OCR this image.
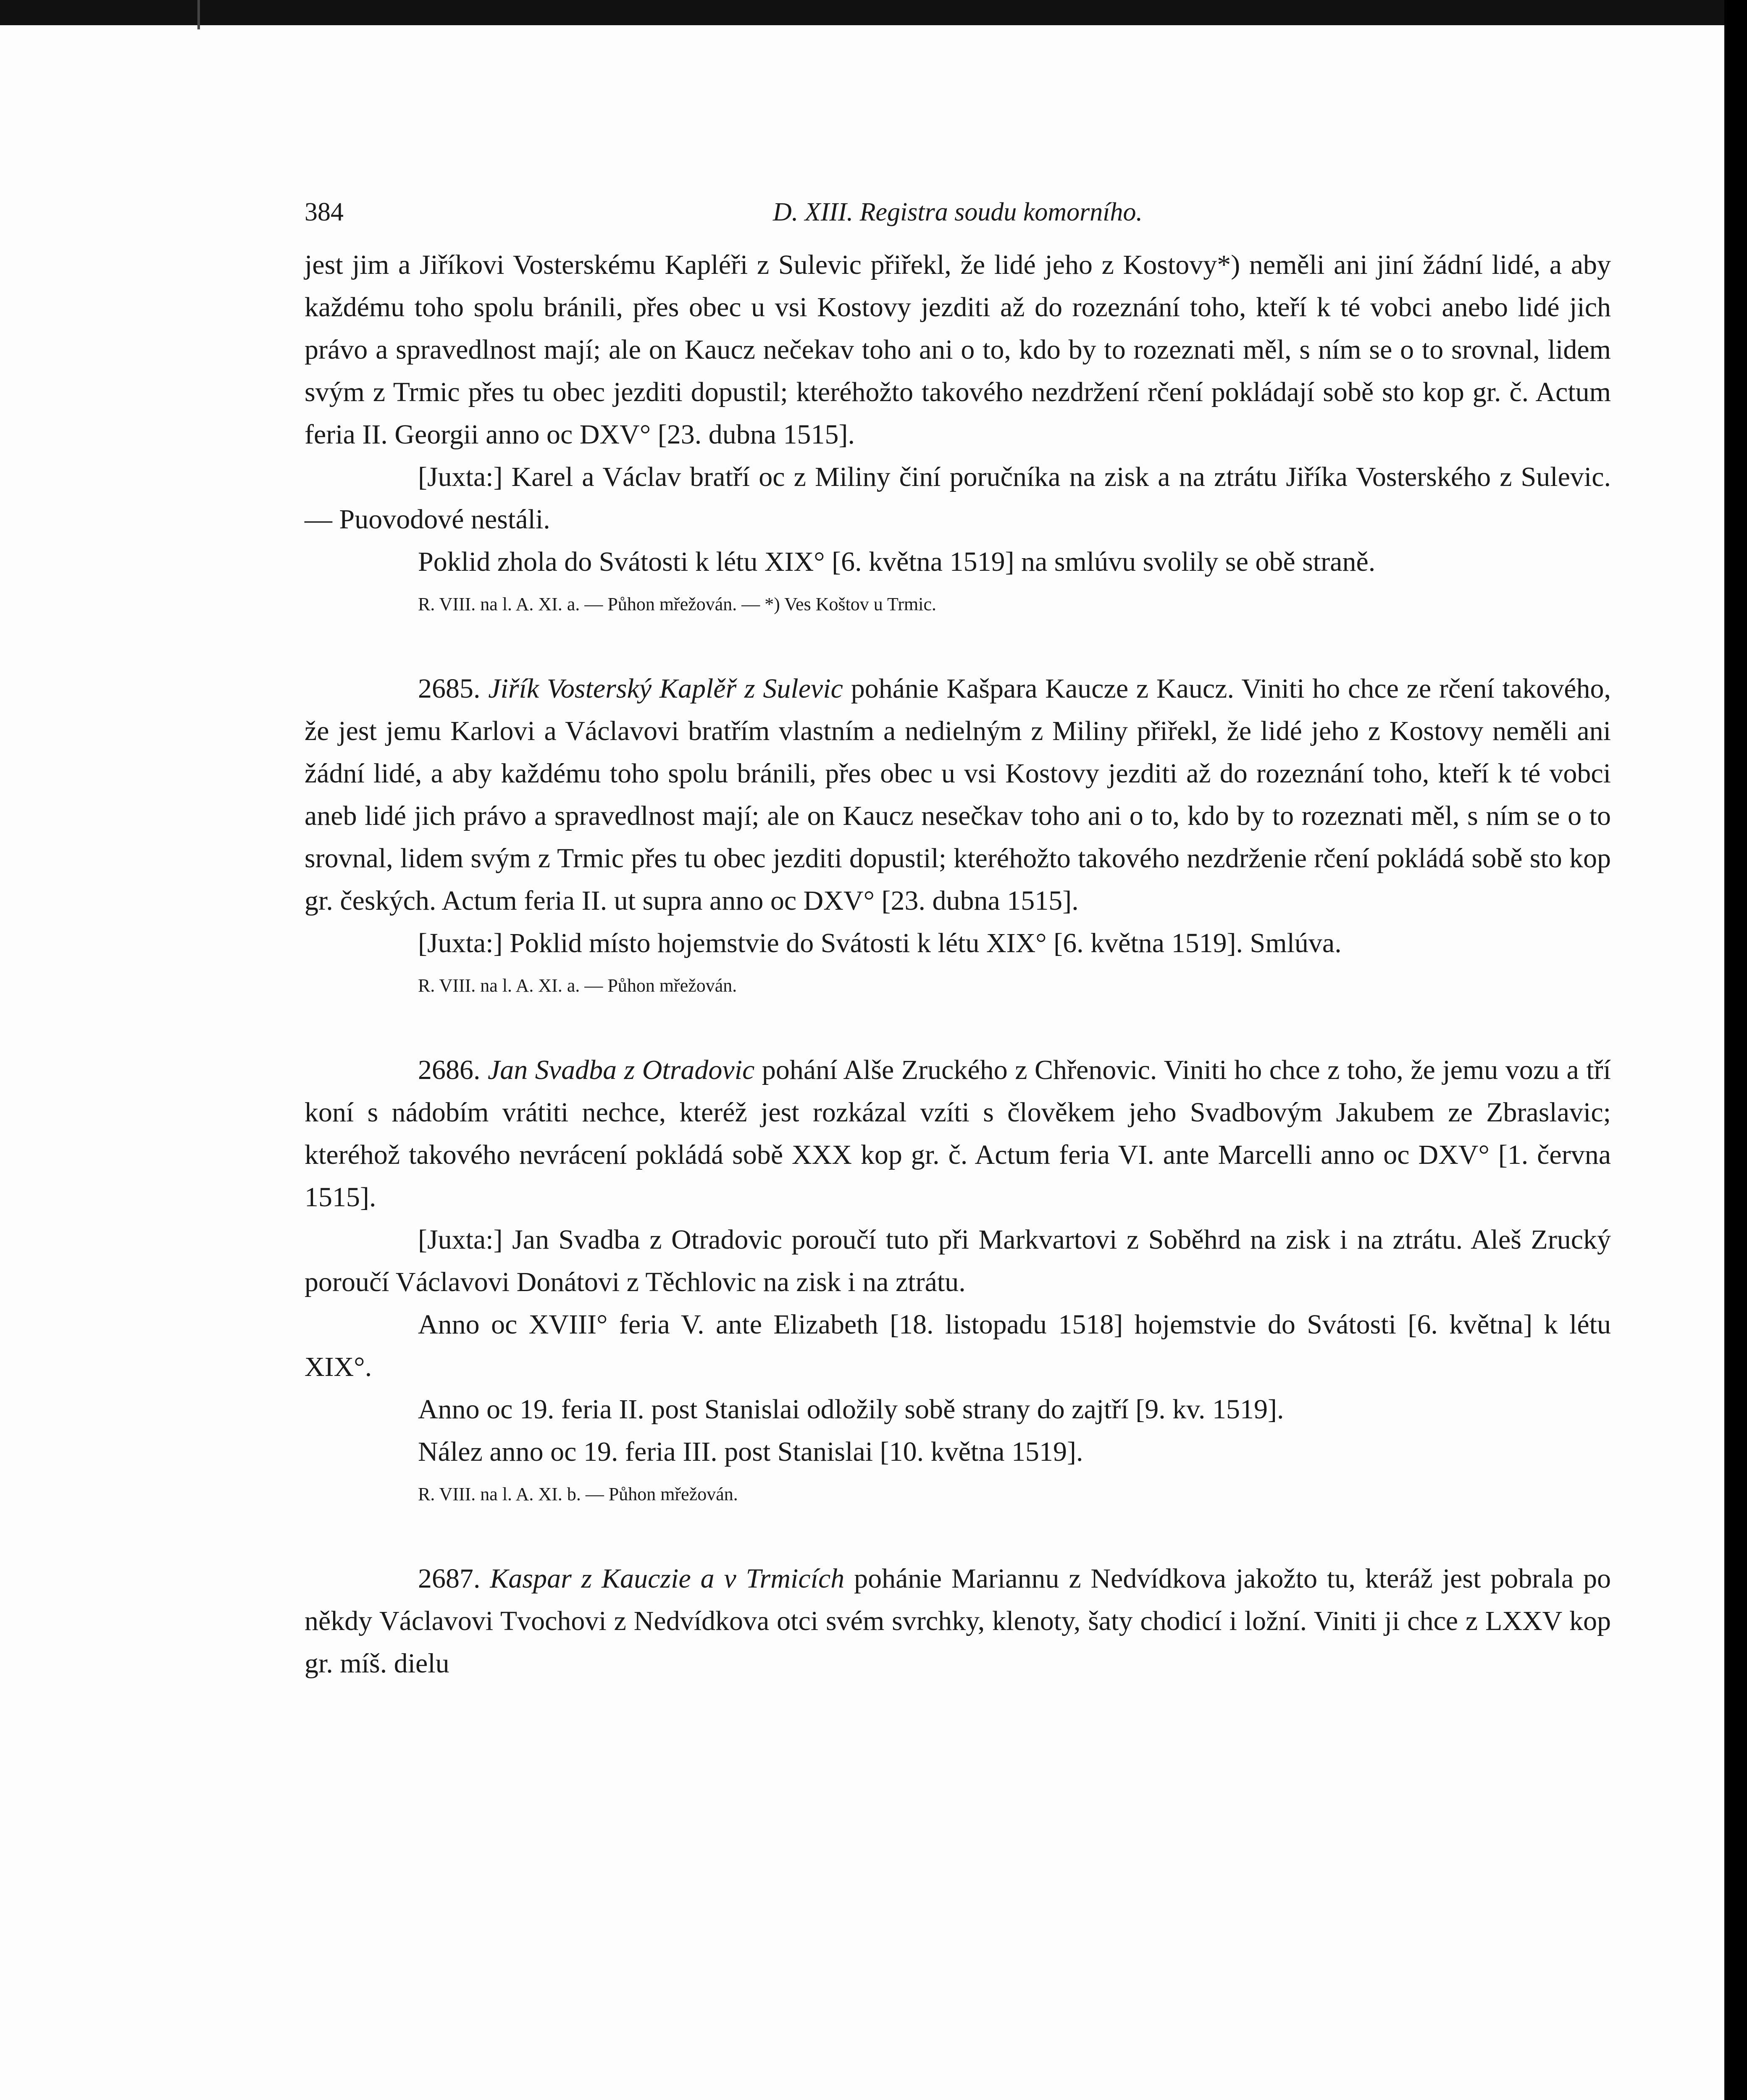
384	D. XIII. Registra soudu komorního.

jest jim a Jiříkovi Vosterskému Kapléři z Sulevic přiřekl, že lidé jeho z Kostovy*) neměli ani jiní žádní lidé, a aby každému toho spolu bránili, přes obec u vsi Kostovy jezditi až do rozeznání toho, kteří k té vobci anebo lidé jich právo a spravedlnost mají; ale on Kaucz nečekav toho ani o to, kdo by to rozeznati měl, s ním se o to srovnal, lidem svým z Trmic přes tu obec jezditi dopustil; kteréhožto takového nezdržení rčení pokládají sobě sto kop gr. č. Actum feria II. Georgii anno oc DXV° [23. dubna 1515].

[Juxta:] Karel a Václav bratří oc z Miliny činí poručníka na zisk a na ztrátu Jiříka Vosterského z Sulevic. — Puovodové nestáli.

Poklid zhola do Svátosti k létu XIX° [6. května 1519] na smlúvu svolily se obě straně.

R. VIII. na l. A. XI. a. — Půhon mřežován. — *) Ves Koštov u Trmic.

2685. Jiřík Vosterský Kaplěř z Sulevic pohánie Kašpara Kaucze z Kaucz. Viniti ho chce ze rčení takového, že jest jemu Karlovi a Václavovi bratřím vlastním a nedielným z Miliny přiřekl, že lidé jeho z Kostovy neměli ani žádní lidé, a aby každému toho spolu bránili, přes obec u vsi Kostovy jezditi až do rozeznání toho, kteří k té vobci aneb lidé jich právo a spravedlnost mají; ale on Kaucz nesečkav toho ani o to, kdo by to rozeznati měl, s ním se o to srovnal, lidem svým z Trmic přes tu obec jezditi dopustil; kteréhožto takového nezdrženie rčení pokládá sobě sto kop gr. českých. Actum feria II. ut supra anno oc DXV° [23. dubna 1515].

[Juxta:] Poklid místo hojemstvie do Svátosti k létu XIX° [6. května 1519]. Smlúva.

R. VIII. na l. A. XI. a. — Půhon mřežován.

2686. Jan Svadba z Otradovic pohání Alše Zruckého z Chřenovic. Viniti ho chce z toho, že jemu vozu a tří koní s nádobím vrátiti nechce, kteréž jest rozkázal vzíti s člověkem jeho Svadbovým Jakubem ze Zbraslavic; kteréhož takového nevrácení pokládá sobě XXX kop gr. č. Actum feria VI. ante Marcelli anno oc DXV° [1. června 1515].

[Juxta:] Jan Svadba z Otradovic poroučí tuto při Markvartovi z Soběhrd na zisk i na ztrátu. Aleš Zrucký poroučí Václavovi Donátovi z Těchlovic na zisk i na ztrátu.

Anno oc XVIII° feria V. ante Elizabeth [18. listopadu 1518] hojemstvie do Svátosti [6. května] k létu XIX°.

Anno oc 19. feria II. post Stanislai odložily sobě strany do zajtří [9. kv. 1519].

Nález anno oc 19. feria III. post Stanislai [10. května 1519].

R. VIII. na l. A. XI. b. — Půhon mřežován.

2687. Kaspar z Kauczie a v Trmicích pohánie Mariannu z Nedvídkova jakožto tu, kteráž jest pobrala po někdy Václavovi Tvochovi z Nedvídkova otci svém svrchky, klenoty, šaty chodicí i ložní. Viniti ji chce z LXXV kop gr. míš. dielu
